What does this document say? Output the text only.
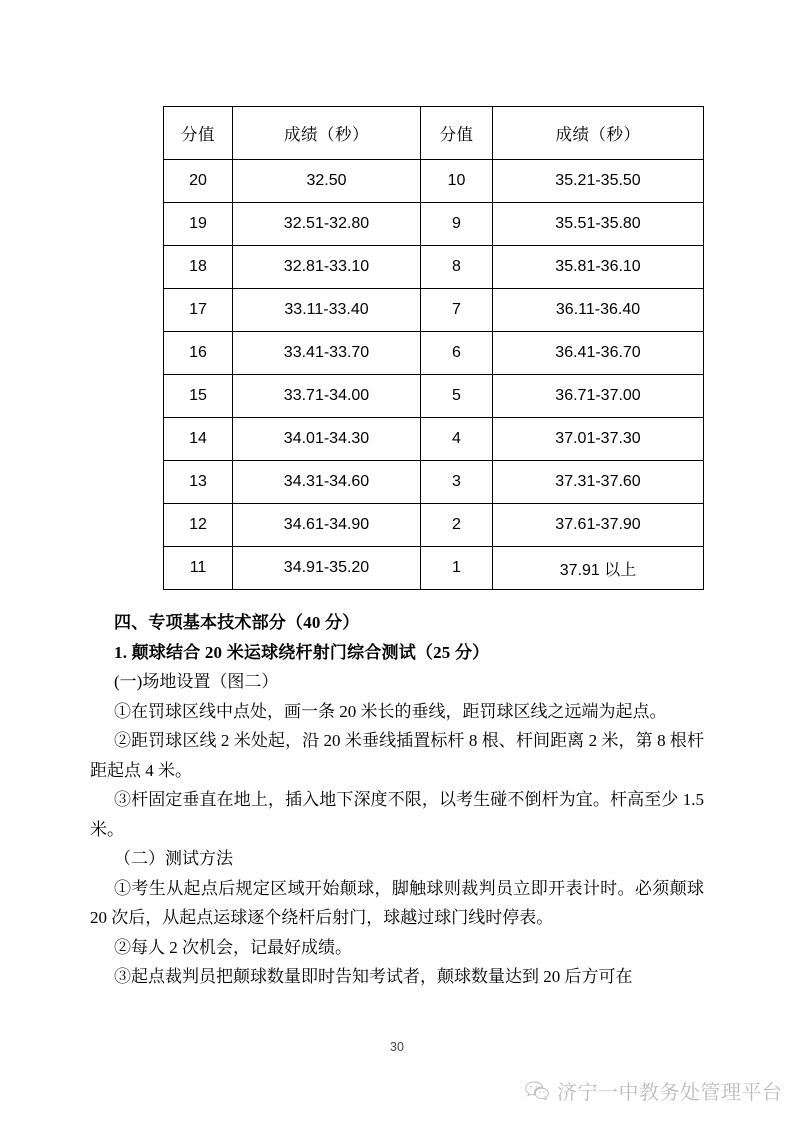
分值	成绩（秒）	分值	成绩（秒）
20	32.50	10	35.21-35.50
19	32.51-32.80	9	35.51-35.80
18	32.81-33.10	8	35.81-36.10
17	33.11-33.40	7	36.11-36.40
16	33.41-33.70	6	36.41-36.70
15	33.71-34.00	5	36.71-37.00
14	34.01-34.30	4	37.01-37.30
13	34.31-34.60	3	37.31-37.60
12	34.61-34.90	2	37.61-37.90
11	34.91-35.20	1	37.91 以上

四、专项基本技术部分（40 分）

1. 颠球结合 20 米运球绕杆射门综合测试（25 分）

(一)场地设置（图二）

①在罚球区线中点处，画一条 20 米长的垂线，距罚球区线之远端为起点。

②距罚球区线 2 米处起，沿 20 米垂线插置标杆 8 根、杆间距离 2 米，第 8 根杆距起点 4 米。

③杆固定垂直在地上，插入地下深度不限，以考生碰不倒杆为宜。杆高至少 1.5 米。

（二）测试方法

①考生从起点后规定区域开始颠球，脚触球则裁判员立即开表计时。必须颠球 20 次后，从起点运球逐个绕杆后射门，球越过球门线时停表。

②每人 2 次机会，记最好成绩。

③起点裁判员把颠球数量即时告知考试者，颠球数量达到 20 后方可在

30
济宁一中教务处管理平台
